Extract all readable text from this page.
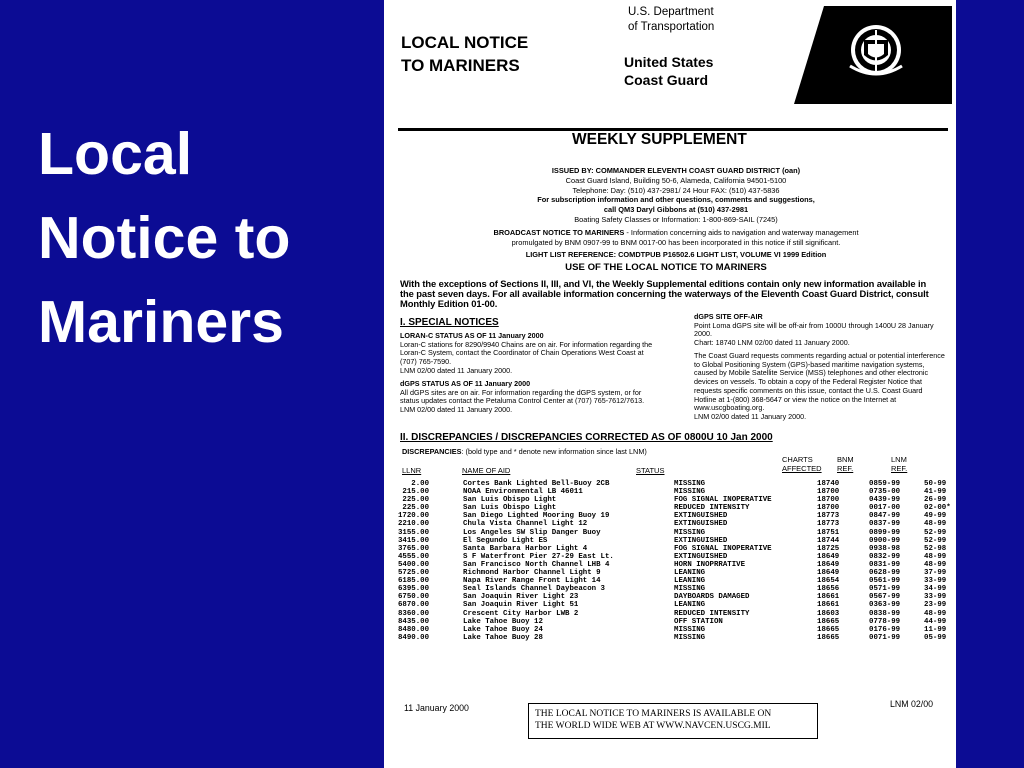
Local
Notice to
Mariners
LOCAL NOTICE
TO MARINERS
U.S. Department
of Transportation
United States
Coast Guard
WEEKLY SUPPLEMENT
ISSUED BY: COMMANDER ELEVENTH COAST GUARD DISTRICT (oan)
Coast Guard Island, Building 50-6, Alameda, California 94501-5100
Telephone: Day: (510) 437-2981/ 24 Hour FAX: (510) 437-5836
For subscription information and other questions, comments and suggestions,
call QM3 Daryl Gibbons at (510) 437-2981
Boating Safety Classes or Information: 1-800-869-SAIL (7245)
BROADCAST NOTICE TO MARINERS - Information concerning aids to navigation and waterway management
promulgated by BNM 0907-99 to BNM 0017-00 has been incorporated in this notice if still significant.
LIGHT LIST REFERENCE: COMDTPUB P16502.6 LIGHT LIST, VOLUME VI 1999 Edition
USE OF THE LOCAL NOTICE TO MARINERS
With the exceptions of Sections II, III, and VI, the Weekly Supplemental editions contain only new information available in the past seven days. For all available information concerning the waterways of the Eleventh Coast Guard District, consult Monthly Edition 01-00.
I. SPECIAL NOTICES
LORAN-C STATUS AS OF 11 January 2000
Loran-C stations for 8290/9940 Chains are on air. For information regarding the Loran-C System, contact the Coordinator of Chain Operations West Coast at (707) 765-7590.
LNM 02/00 dated 11 January 2000.
dGPS STATUS AS OF 11 January 2000
All dGPS sites are on air. For information regarding the dGPS system, or for status updates contact the Petaluma Control Center at (707) 765-7612/7613.
LNM 02/00 dated 11 January 2000.
dGPS SITE OFF-AIR
Point Loma dGPS site will be off-air from 1000U through 1400U 28 January 2000.
Chart: 18740 LNM 02/00 dated 11 January 2000.
The Coast Guard requests comments regarding actual or potential interference to Global Positioning System (GPS)-based maritime navigation systems, caused by Mobile Satellite Service (MSS) telephones and other electronic devices on vessels. To obtain a copy of the Federal Register Notice that requests specific comments on this issue, contact the U.S. Coast Guard Hotline at 1-(800) 368-5647 or view the notice on the Internet at www.uscgboating.org.
LNM 02/00 dated 11 January 2000.
II. DISCREPANCIES / DISCREPANCIES CORRECTED AS OF 0800U 10 Jan 2000
DISCREPANCIES: (bold type and * denote new information since last LNM)
LLNR	NAME OF AID	STATUS
CHARTS
AFFECTED
BNM
REF.
LNM
REF.
2.00	Cortes Bank Lighted Bell-Buoy 2CB	MISSING	18740	0859-99	50-99
215.00	NOAA Environmental LB 46011	MISSING	18700	0735-00	41-99
225.00	San Luis Obispo Light	FOG SIGNAL INOPERATIVE	18700	0439-99	26-99
225.00	San Luis Obispo Light	REDUCED INTENSITY	18700	0017-00	02-00*
1720.00	San Diego Lighted Mooring Buoy 19	EXTINGUISHED	18773	0847-99	49-99
2210.00	Chula Vista Channel Light 12	EXTINGUISHED	18773	0837-99	48-99
3155.00	Los Angeles SW Slip Danger Buoy	MISSING	18751	0899-99	52-99
3415.00	El Segundo Light ES	EXTINGUISHED	18744	0900-99	52-99
3765.00	Santa Barbara Harbor Light 4	FOG SIGNAL INOPERATIVE	18725	0938-98	52-98
4555.00	S F Waterfront Pier 27-29 East Lt.	EXTINGUISHED	18649	0832-99	48-99
5400.00	San Francisco North Channel LHB 4	HORN INOPRRATIVE	18649	0831-99	48-99
5725.00	Richmond Harbor Channel Light 9	LEANING	18649	0628-99	37-99
6185.00	Napa River Range Front Light 14	LEANING	18654	0561-99	33-99
6395.00	Seal Islands Channel Daybeacon 3	MISSING	18656	0571-99	34-99
6750.00	San Joaquin River Light 23	DAYBOARDS DAMAGED	18661	0567-99	33-99
6870.00	San Joaquin River Light 51	LEANING	18661	0363-99	23-99
8360.00	Crescent City Harbor LWB 2	REDUCED INTENSITY	18603	0838-99	48-99
8435.00	Lake Tahoe Buoy 12	OFF STATION	18665	0778-99	44-99
8480.00	Lake Tahoe Buoy 24	MISSING	18665	0176-99	11-99
8490.00	Lake Tahoe Buoy 28	MISSING	18665	0071-99	05-99
11 January 2000
THE LOCAL NOTICE TO MARINERS IS AVAILABLE ON
THE WORLD WIDE WEB AT WWW.NAVCEN.USCG.MIL
LNM 02/00
